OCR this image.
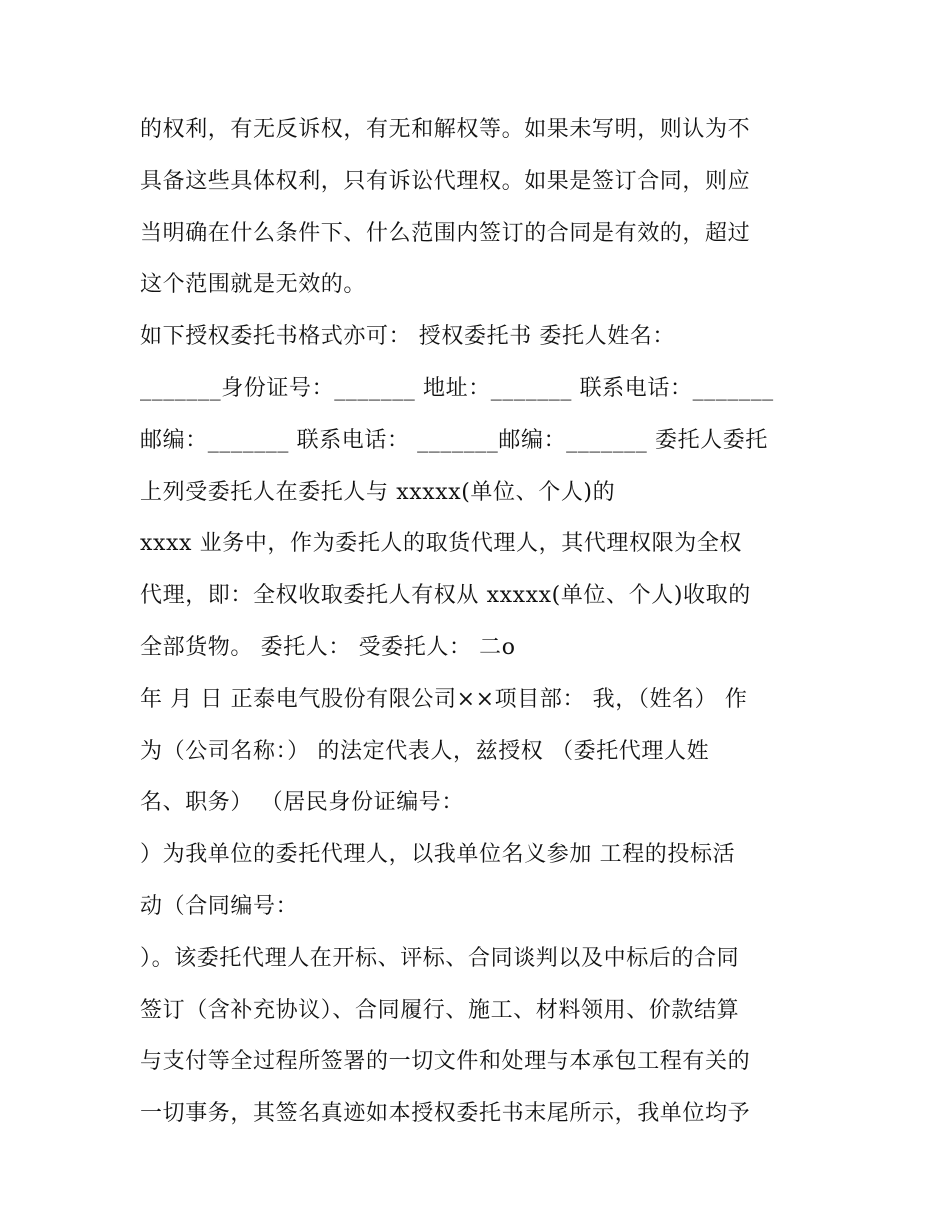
的权利，有无反诉权，有无和解权等。如果未写明，则认为不
具备这些具体权利，只有诉讼代理权。如果是签订合同，则应
当明确在什么条件下、什么范围内签订的合同是有效的，超过
这个范围就是无效的。
如下授权委托书格式亦可： 授权委托书 委托人姓名：
_______身份证号：_______ 地址：_______ 联系电话：_______
邮编：_______ 联系电话： _______邮编：_______ 委托人委托
上列受委托人在委托人与 xxxxx(单位、个人)的
xxxx 业务中，作为委托人的取货代理人，其代理权限为全权
代理，即：全权收取委托人有权从 xxxxx(单位、个人)收取的
全部货物。 委托人： 受委托人： 二o
年 月 日 正泰电气股份有限公司××项目部： 我，（姓名） 作
为（公司名称：） 的法定代表人，兹授权 （委托代理人姓
名、职务） （居民身份证编号：
）为我单位的委托代理人，以我单位名义参加 工程的投标活
动（合同编号：
）。该委托代理人在开标、评标、合同谈判以及中标后的合同
签订（含补充协议）、合同履行、施工、材料领用、价款结算
与支付等全过程所签署的一切文件和处理与本承包工程有关的
一切事务，其签名真迹如本授权委托书末尾所示，我单位均予
